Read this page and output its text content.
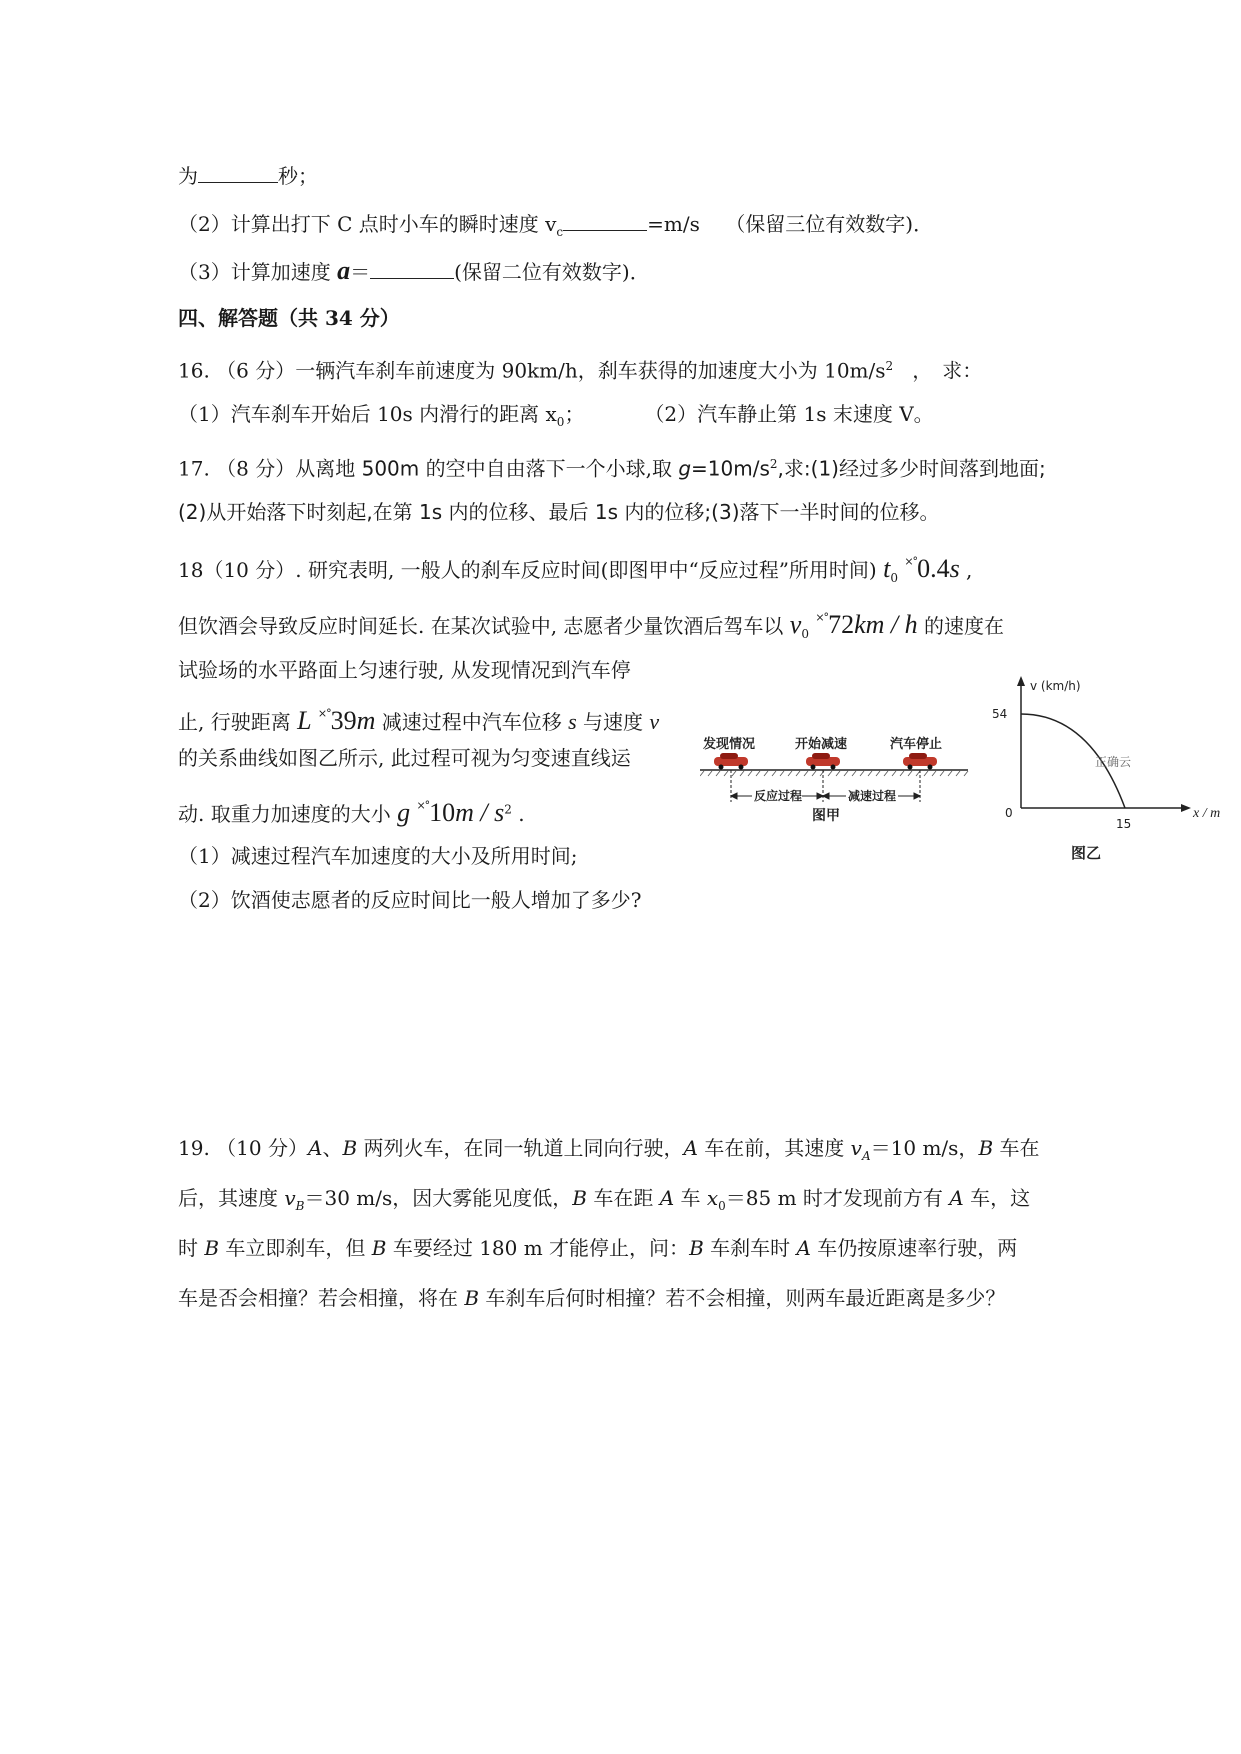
为	秒；
（2）计算出打下 C 点时小车的瞬时速度 $v_c$	=m/s （保留三位有效数字)．
（3）计算加速度 a＝	(保留二位有效数字)．
四、解答题（共 34 分）
16. （6 分）一辆汽车刹车前速度为 90km/h，刹车获得的加速度大小为 $10m/s^2$ ，　求：
（1）汽车刹车开始后 10s 内滑行的距离 $x_0$；	（2）汽车静止第 1s 末速度 V。
17. （8 分）从离地 500m 的空中自由落下一个小球,取 $g=10m/s^2$,求:(1)经过多少时间落到地面;
(2)从开始落下时刻起,在第 1s 内的位移、最后 1s 内的位移;(3)落下一半时间的位移。
18（10 分）. 研究表明, 一般人的刹车反应时间(即图甲中“反应过程”所用时间) $t_0$ ×°0.4s ,
但饮酒会导致反应时间延长. 在某次试验中, 志愿者少量饮酒后驾车以 $v_0$ ×°72km / h 的速度在
试验场的水平路面上匀速行驶, 从发现情况到汽车停
止, 行驶距离 L ×°39m 减速过程中汽车位移 s 与速度 v
的关系曲线如图乙所示, 此过程可视为匀变速直线运
动. 取重力加速度的大小 g $^{\times^\circ}10m / s^2$ .
（1）减速过程汽车加速度的大小及所用时间;
（2）饮酒使志愿者的反应时间比一般人增加了多少?
发现情况	开始减速	汽车停止
反应过程	减速过程
图甲
v (km/h)
54
0
15
x / m
正确云
图乙
19. （10 分）A、B 两列火车，在同一轨道上同向行驶，A 车在前，其速度 $v_A=10$ m/s，B 车在
后，其速度 $v_B=30$ m/s，因大雾能见度低，B 车在距 A 车 $x_0=85$ m 时才发现前方有 A 车，这
时 B 车立即刹车，但 B 车要经过 180 m 才能停止，问：B 车刹车时 A 车仍按原速率行驶，两
车是否会相撞？若会相撞，将在 B 车刹车后何时相撞？若不会相撞，则两车最近距离是多少？
